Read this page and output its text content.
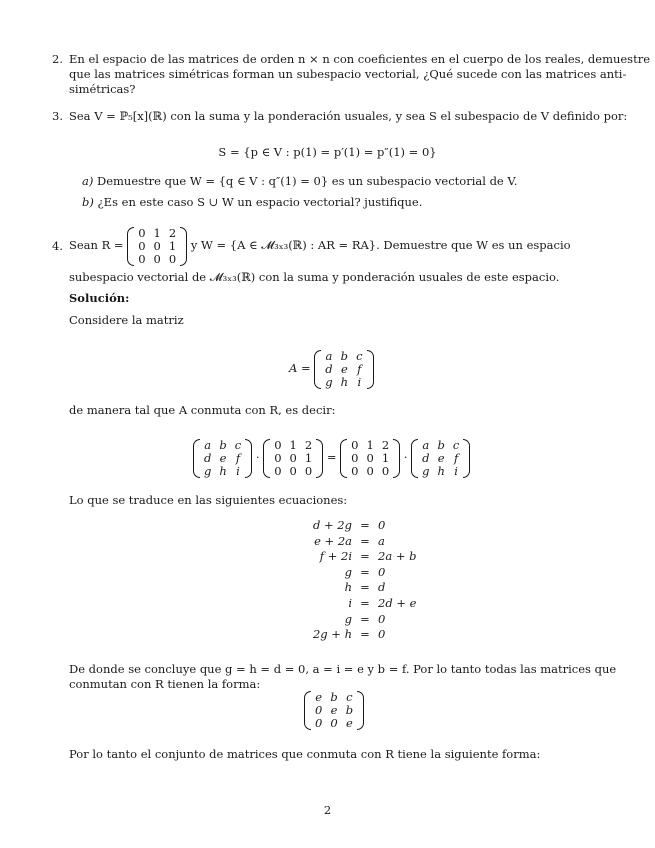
2. En el espacio de las matrices de orden n × n con coeficientes en el cuerpo de los reales, demuestre
que las matrices simétricas forman un subespacio vectorial, ¿Qué sucede con las matrices anti-
simétricas?
3. Sea V = ℙ₅[x](ℝ) con la suma y la ponderación usuales, y sea S el subespacio de V definido por:
S = {p ∈ V : p(1) = p′(1) = p″(1) = 0}
a) Demuestre que W = {q ∈ V : q″(1) = 0} es un subespacio vectorial de V.
b) ¿Es en este caso S ∪ W un espacio vectorial? justifique.
4. Sean R =
0	1	2
0	0	1
0	0	0
y W = {A ∈ 𝓜₃ₓ₃(ℝ) : AR = RA}. Demuestre que W es un espacio
subespacio vectorial de 𝓜₃ₓ₃(ℝ) con la suma y ponderación usuales de este espacio.
Solución:
Considere la matriz
A =
a	b	c
d	e	f
g	h	i
de manera tal que A conmuta con R, es decir:
a	b	c
d	e	f
g	h	i
·
0	1	2
0	0	1
0	0	0
=
0	1	2
0	0	1
0	0	0
·
a	b	c
d	e	f
g	h	i
Lo que se traduce en las siguientes ecuaciones:
d + 2g	=	0
e + 2a	=	a
f + 2i	=	2a + b
g	=	0
h	=	d
i	=	2d + e
g	=	0
2g + h	=	0
De donde se concluye que g = h = d = 0, a = i = e y b = f. Por lo tanto todas las matrices que
conmutan con R tienen la forma:
e	b	c
0	e	b
0	0	e
Por lo tanto el conjunto de matrices que conmuta con R tiene la siguiente forma:
2
